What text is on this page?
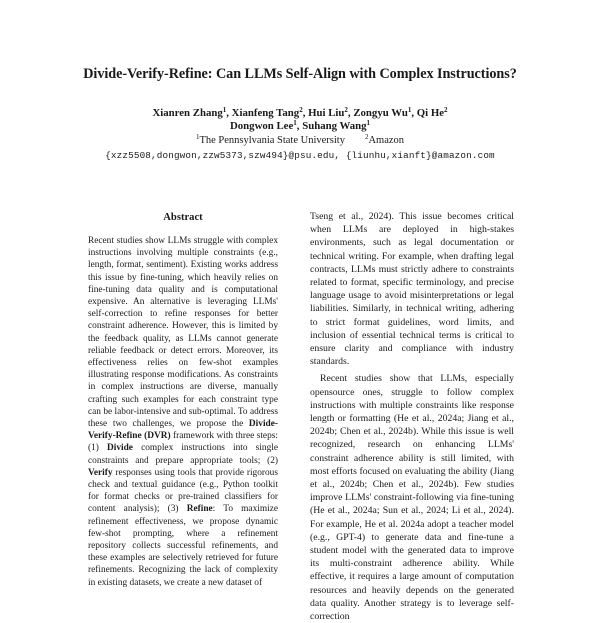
Divide-Verify-Refine: Can LLMs Self-Align with Complex Instructions?
Xianren Zhang$^1$, Xianfeng Tang$^2$, Hui Liu$^2$, Zongyu Wu$^1$, Qi He$^2$
Dongwon Lee$^1$, Suhang Wang$^1$
$^1$The Pennsylvania State University	$^2$Amazon
{xzz5508,dongwon,zzw5373,szw494}@psu.edu, {liunhu,xianft}@amazon.com
Abstract
Recent studies show LLMs struggle with complex instructions involving multiple constraints (e.g., length, format, sentiment). Existing works address this issue by fine-tuning, which heavily relies on fine-tuning data quality and is computational expensive. An alternative is leveraging LLMs' self-correction to refine responses for better constraint adherence. However, this is limited by the feedback quality, as LLMs cannot generate reliable feedback or detect errors. Moreover, its effectiveness relies on few-shot examples illustrating response modifications. As constraints in complex instructions are diverse, manually crafting such examples for each constraint type can be labor-intensive and sub-optimal. To address these two challenges, we propose the Divide-Verify-Refine (DVR) framework with three steps: (1) Divide complex instructions into single constraints and prepare appropriate tools; (2) Verify responses using tools that provide rigorous check and textual guidance (e.g., Python toolkit for format checks or pre-trained classifiers for content analysis); (3) Refine: To maximize refinement effectiveness, we propose dynamic few-shot prompting, where a refinement repository collects successful refinements, and these examples are selectively retrieved for future refinements. Recognizing the lack of complexity in existing datasets, we create a new dataset of

Tseng et al., 2024). This issue becomes critical when LLMs are deployed in high-stakes environments, such as legal documentation or technical writing. For example, when drafting legal contracts, LLMs must strictly adhere to constraints related to format, specific terminology, and precise language usage to avoid misinterpretations or legal liabilities. Similarly, in technical writing, adhering to strict format guidelines, word limits, and inclusion of essential technical terms is critical to ensure clarity and compliance with industry standards.

Recent studies show that LLMs, especially opensource ones, struggle to follow complex instructions with multiple constraints like response length or formatting (He et al., 2024a; Jiang et al., 2024b; Chen et al., 2024b). While this issue is well recognized, research on enhancing LLMs' constraint adherence ability is still limited, with most efforts focused on evaluating the ability (Jiang et al., 2024b; Chen et al., 2024b). Few studies improve LLMs' constraint-following via fine-tuning (He et al., 2024a; Sun et al., 2024; Li et al., 2024). For example, He et al. 2024a adopt a teacher model (e.g., GPT-4) to generate data and fine-tune a student model with the generated data to improve its multi-constraint adherence ability. While effective, it requires a large amount of computation resources and heavily depends on the generated data quality. Another strategy is to leverage self-correction
